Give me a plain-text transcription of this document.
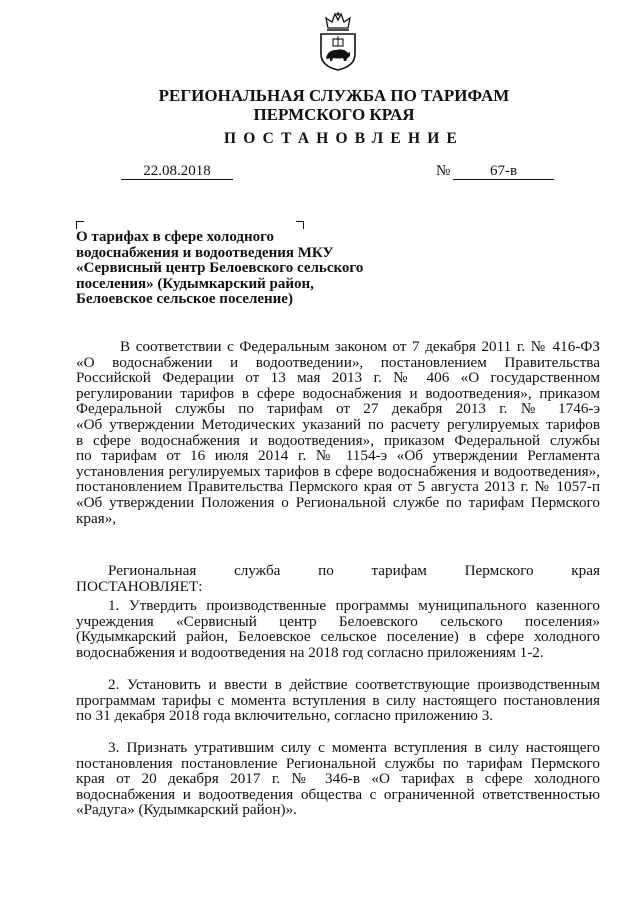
РЕГИОНАЛЬНАЯ СЛУЖБА ПО ТАРИФАМ
ПЕРМСКОГО КРАЯ
ПОСТАНОВЛЕНИЕ
22.08.2018	№	67-в
О тарифах в сфере холодного
водоснабжения и водоотведения МКУ
«Сервисный центр Белоевского сельского
поселения» (Кудымкарский район,
Белоевское сельское поселение)
В соответствии с Федеральным законом от 7 декабря 2011 г. № 416-ФЗ
«О водоснабжении и водоотведении», постановлением Правительства
Российской Федерации от 13 мая 2013 г. № 406 «О государственном
регулировании тарифов в сфере водоснабжения и водоотведения», приказом
Федеральной службы по тарифам от 27 декабря 2013 г. № 1746-э
«Об утверждении Методических указаний по расчету регулируемых тарифов
в сфере водоснабжения и водоотведения», приказом Федеральной службы
по тарифам от 16 июля 2014 г. № 1154-э «Об утверждении Регламента
установления регулируемых тарифов в сфере водоснабжения и водоотведения»,
постановлением Правительства Пермского края от 5 августа 2013 г. № 1057-п
«Об утверждении Положения о Региональной службе по тарифам Пермского
края»,
Региональная служба по тарифам Пермского края
ПОСТАНОВЛЯЕТ:
1. Утвердить производственные программы муниципального казенного
учреждения «Сервисный центр Белоевского сельского поселения»
(Кудымкарский район, Белоевское сельское поселение) в сфере холодного
водоснабжения и водоотведения на 2018 год согласно приложениям 1-2.
2. Установить и ввести в действие соответствующие производственным
программам тарифы с момента вступления в силу настоящего постановления
по 31 декабря 2018 года включительно, согласно приложению 3.
3. Признать утратившим силу с момента вступления в силу настоящего
постановления постановление Региональной службы по тарифам Пермского
края от 20 декабря 2017 г. № 346-в «О тарифах в сфере холодного
водоснабжения и водоотведения общества с ограниченной ответственностью
«Радуга» (Кудымкарский район)».
